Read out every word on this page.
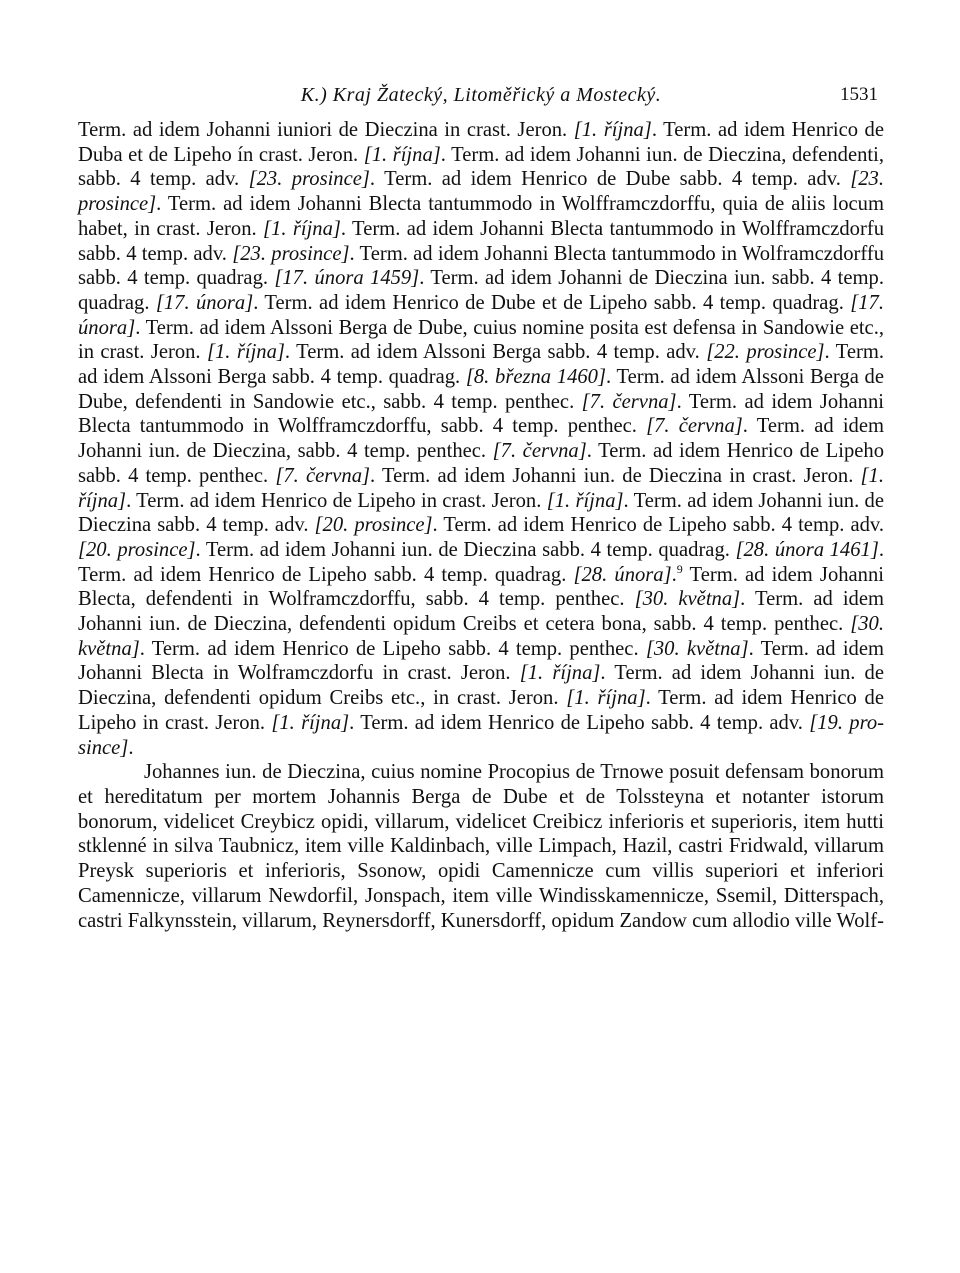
K.) Kraj Žatecký, Litoměřický a Mostecký.	1531

Term. ad idem Johanni iuniori de Dieczina in crast. Jeron. [1. října]. Term. ad idem Henrico de Duba et de Lipeho ín crast. Jeron. [1. října]. Term. ad idem Johanni iun. de Dieczina, defendenti, sabb. 4 temp. adv. [23. prosince]. Term. ad idem Henrico de Dube sabb. 4 temp. adv. [23. prosince]. Term. ad idem Johanni Blecta tantummodo in Wolfframczdorffu, quia de aliis locum habet, in crast. Jeron. [1. října]. Term. ad idem Johanni Blecta tantummodo in Wolfframczdorfu sabb. 4 temp. adv. [23. prosince]. Term. ad idem Johanni Blecta tantummodo in Wolframczdorffu sabb. 4 temp. quadrag. [17. února 1459]. Term. ad idem Johanni de Dieczina iun. sabb. 4 temp. quadrag. [17. února]. Term. ad idem Henrico de Dube et de Lipeho sabb. 4 temp. quadrag. [17. února]. Term. ad idem Alssoni Berga de Dube, cuius nomine posita est defensa in Sandowie etc., in crast. Jeron. [1. října]. Term. ad idem Alssoni Berga sabb. 4 temp. adv. [22. prosince]. Term. ad idem Alssoni Berga sabb. 4 temp. quadrag. [8. března 1460]. Term. ad idem Alssoni Berga de Dube, defendenti in Sandowie etc., sabb. 4 temp. penthec. [7. června]. Term. ad idem Johanni Blecta tantummodo in Wolfframczdorffu, sabb. 4 temp. penthec. [7. června]. Term. ad idem Johanni iun. de Dieczina, sabb. 4 temp. penthec. [7. června]. Term. ad idem Henrico de Lipeho sabb. 4 temp. penthec. [7. června]. Term. ad idem Johanni iun. de Dieczina in crast. Jeron. [1. října]. Term. ad idem Henrico de Lipeho in crast. Jeron. [1. října]. Term. ad idem Johanni iun. de Dieczina sabb. 4 temp. adv. [20. prosince]. Term. ad idem Henrico de Lipeho sabb. 4 temp. adv. [20. prosince]. Term. ad idem Johanni iun. de Dieczina sabb. 4 temp. quadrag. [28. února 1461]. Term. ad idem Henrico de Lipeho sabb. 4 temp. quadrag. [28. února].$^9$ Term. ad idem Johanni Blecta, defendenti in Wolframczdorffu, sabb. 4 temp. penthec. [30. května]. Term. ad idem Johanni iun. de Dieczina, defendenti opidum Creibs et cetera bona, sabb. 4 temp. penthec. [30. května]. Term. ad idem Henrico de Lipeho sabb. 4 temp. penthec. [30. května]. Term. ad idem Johanni Blecta in Wolframczdorfu in crast. Jeron. [1. října]. Term. ad idem Johanni iun. de Dieczina, defendenti opidum Creibs etc., in crast. Jeron. [1. října]. Term. ad idem Henrico de Lipeho in crast. Jeron. [1. října]. Term. ad idem Henrico de Lipeho sabb. 4 temp. adv. [19. prosince].

Johannes iun. de Dieczina, cuius nomine Procopius de Trnowe posuit defensam bonorum et hereditatum per mortem Johannis Berga de Dube et de Tolssteyna et notanter istorum bonorum, videlicet Creybicz opidi, villarum, videlicet Creibicz inferioris et superioris, item hutti stklenné in silva Taubnicz, item ville Kaldinbach, ville Limpach, Hazil, castri Fridwald, villarum Preysk superioris et inferioris, Ssonow, opidi Camennicze cum villis superiori et inferiori Camennicze, villarum Newdorfil, Jonspach, item ville Windisskamennicze, Ssemil, Ditterspach, castri Falkynsstein, villarum, Reynersdorff, Kunersdorff, opidum Zandow cum allodio ville Wolf-
